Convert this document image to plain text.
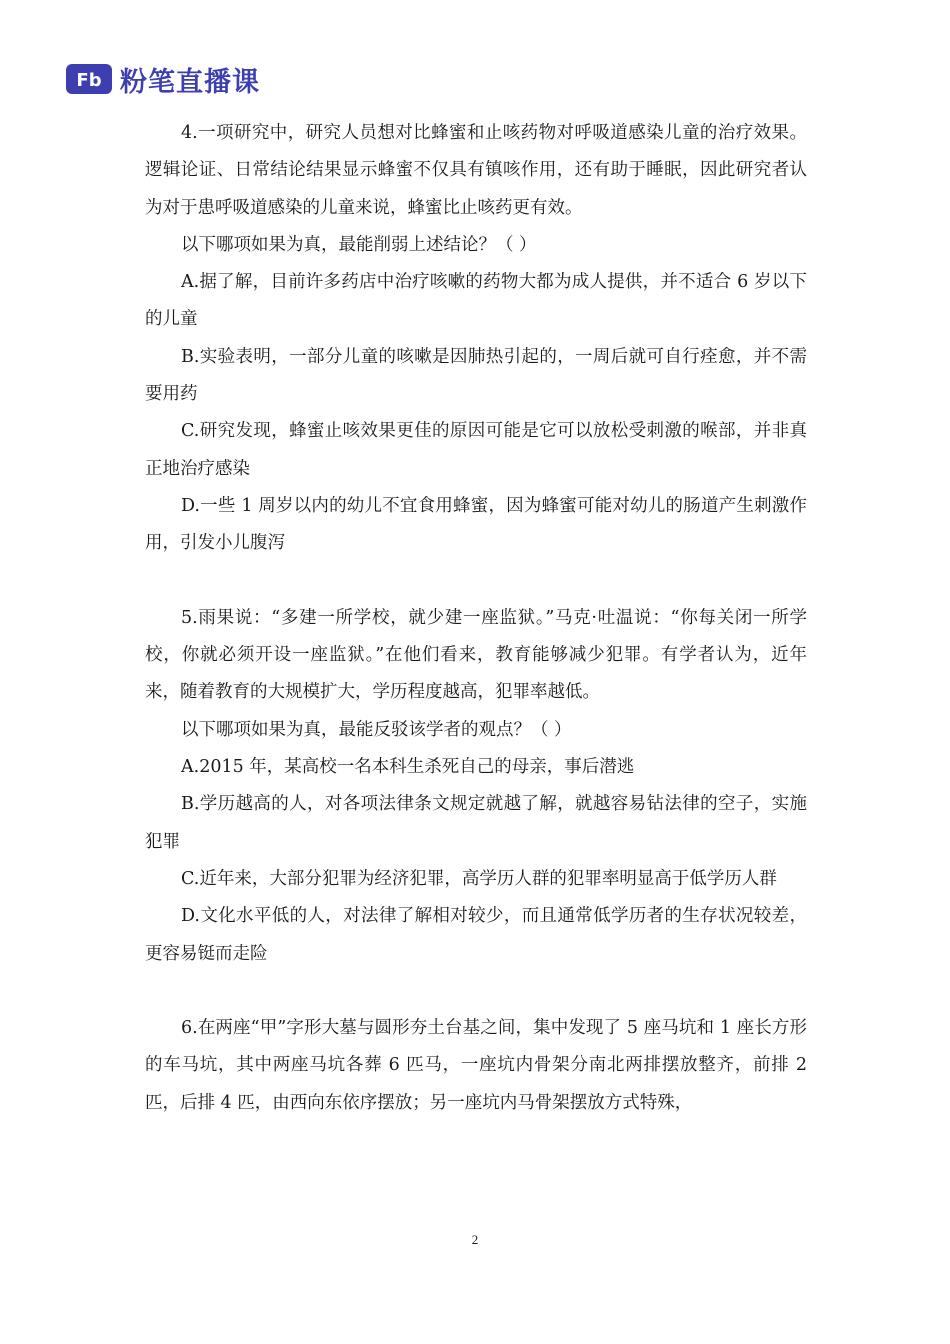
Fb 粉笔直播课

4.一项研究中，研究人员想对比蜂蜜和止咳药物对呼吸道感染儿童的治疗效果。逻辑论证、日常结论结果显示蜂蜜不仅具有镇咳作用，还有助于睡眠，因此研究者认为对于患呼吸道感染的儿童来说，蜂蜜比止咳药更有效。

以下哪项如果为真，最能削弱上述结论？（ ）

A.据了解，目前许多药店中治疗咳嗽的药物大都为成人提供，并不适合 6 岁以下的儿童

B.实验表明，一部分儿童的咳嗽是因肺热引起的，一周后就可自行痊愈，并不需要用药

C.研究发现，蜂蜜止咳效果更佳的原因可能是它可以放松受刺激的喉部，并非真正地治疗感染

D.一些 1 周岁以内的幼儿不宜食用蜂蜜，因为蜂蜜可能对幼儿的肠道产生刺激作用，引发小儿腹泻

5.雨果说：“多建一所学校，就少建一座监狱。”马克·吐温说：“你每关闭一所学校，你就必须开设一座监狱。”在他们看来，教育能够减少犯罪。有学者认为，近年来，随着教育的大规模扩大，学历程度越高，犯罪率越低。

以下哪项如果为真，最能反驳该学者的观点？（ ）

A.2015 年，某高校一名本科生杀死自己的母亲，事后潜逃

B.学历越高的人，对各项法律条文规定就越了解，就越容易钻法律的空子，实施犯罪

C.近年来，大部分犯罪为经济犯罪，高学历人群的犯罪率明显高于低学历人群

D.文化水平低的人，对法律了解相对较少，而且通常低学历者的生存状况较差，更容易铤而走险

6.在两座“甲”字形大墓与圆形夯土台基之间，集中发现了 5 座马坑和 1 座长方形的车马坑，其中两座马坑各葬 6 匹马，一座坑内骨架分南北两排摆放整齐，前排 2 匹，后排 4 匹，由西向东依序摆放；另一座坑内马骨架摆放方式特殊，

2
